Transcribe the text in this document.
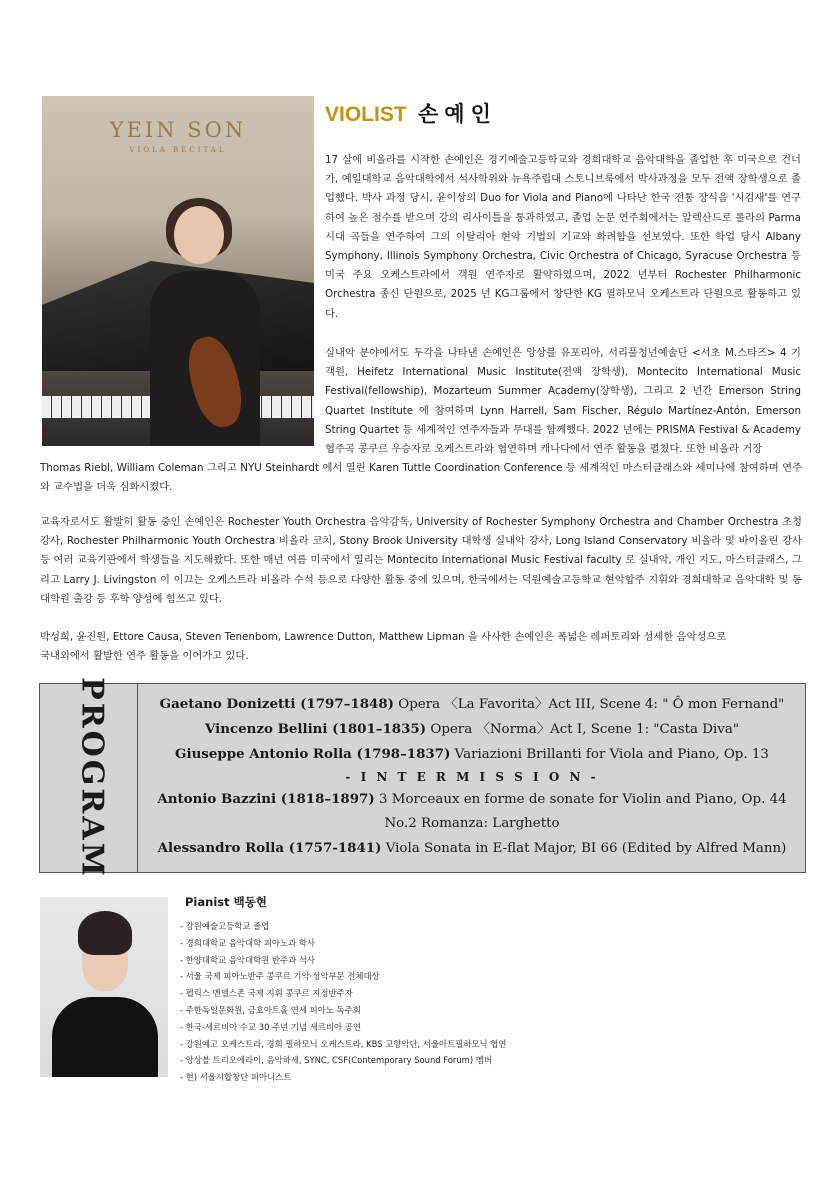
YEIN SON
VIOLA RECITAL
VIOLIST 손예인

17 살에 비올라를 시작한 손예인은 경기예술고등학교와 경희대학교 음악대학을 졸업한 후 미국으로 건너가, 예일대학교 음악대학에서 석사학위와 뉴욕주립대 스토니브룩에서 박사과정을 모두 전액 장학생으로 졸업했다. 박사 과정 당시, 윤이상의 Duo for Viola and Piano에 나타난 한국 전통 장식음 '시김새'를 연구하여 높은 점수를 받으며 강의 리사이틀을 통과하였고, 졸업 논문 연주회에서는 알렉산드로 롤라의 Parma 시대 곡들을 연주하여 그의 이탈리아 현악 기법의 기교와 화려함을 선보였다. 또한 학업 당시 Albany Symphony, Illinois Symphony Orchestra, Civic Orchestra of Chicago, Syracuse Orchestra 등 미국 주요 오케스트라에서 객원 연주자로 활약하였으며, 2022 년부터 Rochester Philharmonic Orchestra 종신 단원으로, 2025 년 KG그룹에서 창단한 KG 필하모닉 오케스트라 단원으로 활동하고 있다.

실내악 분야에서도 두각을 나타낸 손예인은 앙상블 유포리아, 서리풀청년예술단 <서초 M.스타즈> 4 기 객원, Heifetz International Music Institute(전액 장학생), Montecito International Music Festival(fellowship), Mozarteum Summer Academy(장학생), 그리고 2 년간 Emerson String Quartet Institute 에 참여하며 Lynn Harrell, Sam Fischer, Régulo Martínez-Antón, Emerson String Quartet 등 세계적인 연주자들과 무대를 함께했다. 2022 년에는 PRISMA Festival & Academy 협주곡 콩쿠르 우승자로 오케스트라와 협연하며 캐나다에서 연주 활동을 펼쳤다. 또한 비올라 거장

Thomas Riebl, William Coleman 그리고 NYU Steinhardt 에서 열린 Karen Tuttle Coordination Conference 등 세계적인 마스터클래스와 세미나에 참여하며 연주와 교수법을 더욱 심화시켰다.

교육자로서도 활발히 활동 중인 손예인은 Rochester Youth Orchestra 음악감독, University of Rochester Symphony Orchestra and Chamber Orchestra 초청 강사, Rochester Philharmonic Youth Orchestra 비올라 코치, Stony Brook University 대학생 실내악 강사, Long Island Conservatory 비올라 및 바이올린 강사 등 여러 교육기관에서 학생들을 지도해왔다. 또한 매년 여름 미국에서 열리는 Montecito International Music Festival faculty 로 실내악, 개인 지도, 마스터클래스, 그리고 Larry J. Livingston 이 이끄는 오케스트라 비올라 수석 등으로 다양한 활동 중에 있으며, 한국에서는 덕원예술고등학교 현악합주 지휘와 경희대학교 음악대학 및 동대학원 출강 등 후학 양성에 힘쓰고 있다.

박성희, 윤진원, Ettore Causa, Steven Tenenbom, Lawrence Dutton, Matthew Lipman 을 사사한 손예인은 폭넓은 레퍼토리와 섬세한 음악성으로
국내외에서 활발한 연주 활동을 이어가고 있다.
PROGRAM	Gaetano Donizetti (1797–1848) Opera 〈La Favorita〉Act III, Scene 4: " Ô mon Fernand"
Vincenzo Bellini (1801–1835) Opera 〈Norma〉Act I, Scene 1: "Casta Diva"
Giuseppe Antonio Rolla (1798–1837) Variazioni Brillanti for Viola and Piano, Op. 13
- I N T E R M I S S I O N -
Antonio Bazzini (1818–1897) 3 Morceaux en forme de sonate for Violin and Piano, Op. 44
No.2 Romanza: Larghetto
Alessandro Rolla (1757-1841) Viola Sonata in E-flat Major, BI 66 (Edited by Alfred Mann)
Pianist 백동현
- 강원예술고등학교 졸업
- 경희대학교 음악대학 피아노과 학사
- 한양대학교 음악대학원 반주과 석사
- 서울 국제 피아노반주 콩쿠르 기악·성악부문 전체대상
- 펠릭스 멘델스존 국제 지휘 콩쿠르 지정반주자
- 주한독일문화원, 금호아트홀 연세 피아노 독주회
- 한국-세르비아 수교 30 주년 기념 세르비아 공연
- 강원예고 오케스트라, 경희 필하모닉 오케스트라, KBS 교향악단, 서울아트필하모닉 협연
- 앙상블 트리오에라이, 음악하세, SYNC, CSF(Contemporary Sound Forum) 멤버
- 현) 서울시합창단 피아니스트
